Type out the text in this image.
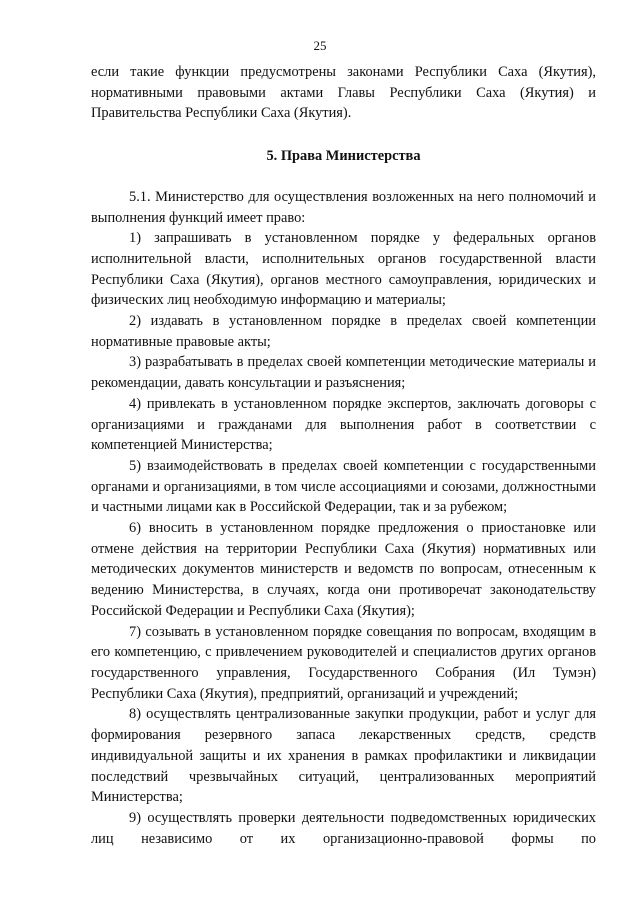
25

если такие функции предусмотрены законами Республики Саха (Якутия), нормативными правовыми актами Главы Республики Саха (Якутия) и Правительства Республики Саха (Якутия).

5. Права Министерства

5.1. Министерство для осуществления возложенных на него полномочий и выполнения функций имеет право:

1) запрашивать в установленном порядке у федеральных органов исполнительной власти, исполнительных органов государственной власти Республики Саха (Якутия), органов местного самоуправления, юридических и физических лиц необходимую информацию и материалы;

2) издавать в установленном порядке в пределах своей компетенции нормативные правовые акты;

3) разрабатывать в пределах своей компетенции методические материалы и рекомендации, давать консультации и разъяснения;

4) привлекать в установленном порядке экспертов, заключать договоры с организациями и гражданами для выполнения работ в соответствии с компетенцией Министерства;

5) взаимодействовать в пределах своей компетенции с государственными органами и организациями, в том числе ассоциациями и союзами, должностными и частными лицами как в Российской Федерации, так и за рубежом;

6) вносить в установленном порядке предложения о приостановке или отмене действия на территории Республики Саха (Якутия) нормативных или методических документов министерств и ведомств по вопросам, отнесенным к ведению Министерства, в случаях, когда они противоречат законодательству Российской Федерации и Республики Саха (Якутия);

7) созывать в установленном порядке совещания по вопросам, входящим в его компетенцию, с привлечением руководителей и специалистов других органов государственного управления, Государственного Собрания (Ил Тумэн) Республики Саха (Якутия), предприятий, организаций и учреждений;

8) осуществлять централизованные закупки продукции, работ и услуг для формирования резервного запаса лекарственных средств, средств индивидуальной защиты и их хранения в рамках профилактики и ликвидации последствий чрезвычайных ситуаций, централизованных мероприятий Министерства;

9) осуществлять проверки деятельности подведомственных юридических лиц независимо от их организационно-правовой формы по
